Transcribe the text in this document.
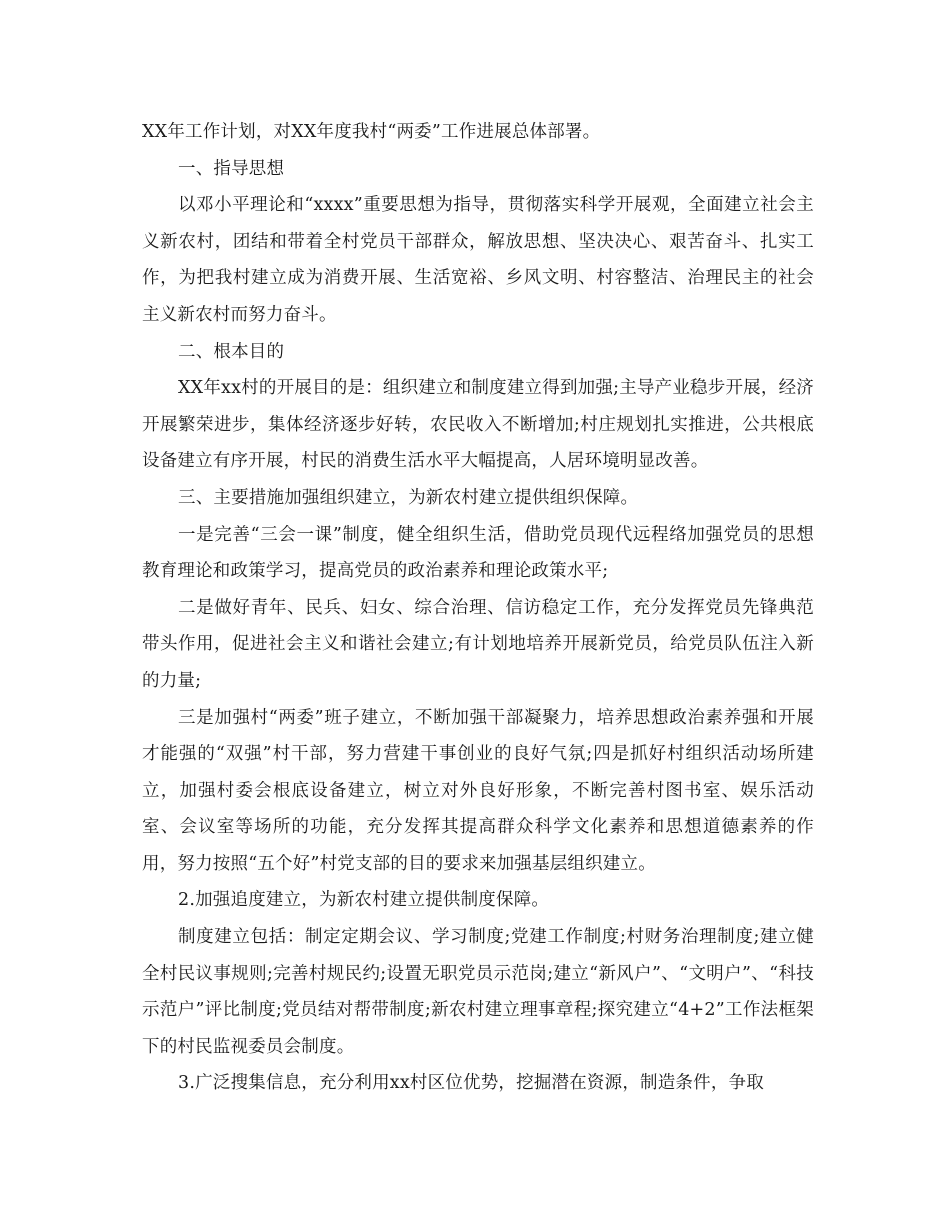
XX年工作计划，对XX年度我村“两委”工作进展总体部署。

一、指导思想

以邓小平理论和“xxxx”重要思想为指导，贯彻落实科学开展观，全面建立社会主义新农村，团结和带着全村党员干部群众，解放思想、坚决决心、艰苦奋斗、扎实工作，为把我村建立成为消费开展、生活宽裕、乡风文明、村容整洁、治理民主的社会主义新农村而努力奋斗。

二、根本目的

XX年xx村的开展目的是：组织建立和制度建立得到加强;主导产业稳步开展，经济开展繁荣进步，集体经济逐步好转，农民收入不断增加;村庄规划扎实推进，公共根底设备建立有序开展，村民的消费生活水平大幅提高，人居环境明显改善。

三、主要措施加强组织建立，为新农村建立提供组织保障。

一是完善“三会一课”制度，健全组织生活，借助党员现代远程络加强党员的思想教育理论和政策学习，提高党员的政治素养和理论政策水平;

二是做好青年、民兵、妇女、综合治理、信访稳定工作，充分发挥党员先锋典范带头作用，促进社会主义和谐社会建立;有计划地培养开展新党员，给党员队伍注入新的力量;

三是加强村“两委”班子建立，不断加强干部凝聚力，培养思想政治素养强和开展才能强的“双强”村干部，努力营建干事创业的良好气氛;四是抓好村组织活动场所建立，加强村委会根底设备建立，树立对外良好形象，不断完善村图书室、娱乐活动室、会议室等场所的功能，充分发挥其提高群众科学文化素养和思想道德素养的作用，努力按照“五个好”村党支部的目的要求来加强基层组织建立。

2.加强追度建立，为新农村建立提供制度保障。

制度建立包括：制定定期会议、学习制度;党建工作制度;村财务治理制度;建立健全村民议事规则;完善村规民约;设置无职党员示范岗;建立“新风户”、“文明户”、“科技示范户”评比制度;党员结对帮带制度;新农村建立理事章程;探究建立“4+2”工作法框架下的村民监视委员会制度。

3.广泛搜集信息，充分利用xx村区位优势，挖掘潜在资源，制造条件，争取
